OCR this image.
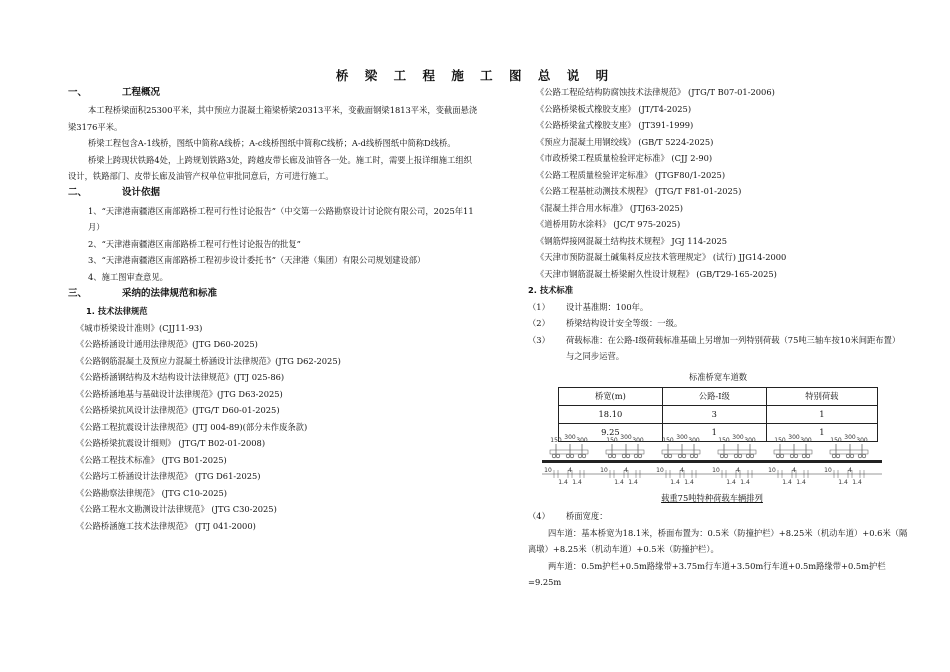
桥 梁 工 程 施 工 图 总 说 明
一、	工程概况
本工程桥梁面积25300平米，其中预应力混凝土箱梁桥梁20313平米，变截面钢梁1813平米，变截面悬浇梁3176平米。
桥梁工程包含A-1线桥，图纸中简称A线桥；A-c线桥图纸中简称C线桥；A-d线桥图纸中简称D线桥。
桥梁上跨现状铁路4处，上跨规划铁路3处，跨越皮带长廊及油管各一处。施工时，需要上报详细施工组织设计，铁路部门、皮带长廊及油管产权单位审批同意后，方可进行施工。
二、	设计依据
1、“天津港南疆港区南部路桥工程可行性讨论报告”（中交第一公路勘察设计讨论院有限公司，2025年11月）
2、“天津港南疆港区南部路桥工程可行性讨论报告的批复”
3、“天津港南疆港区南部路桥工程初步设计委托书”（天津港（集团）有限公司规划建设部）
4、施工图审查意见。
三、	采纳的法律规范和标准
1. 技术法律规范
《城市桥梁设计准则》(CJJ11-93)
《公路桥涵设计通用法律规范》(JTG D60-2025)
《公路钢筋混凝土及预应力混凝土桥涵设计法律规范》(JTG D62-2025)
《公路桥涵钢结构及木结构设计法律规范》(JTJ 025-86)
《公路桥涵地基与基础设计法律规范》(JTG D63-2025)
《公路桥梁抗风设计法律规范》(JTG/T D60-01-2025)
《公路工程抗震设计法律规范》(JTJ 004-89)(部分未作废条款)
《公路桥梁抗震设计细则》 (JTG/T B02-01-2008)
《公路工程技术标准》 (JTG B01-2025)
《公路圬工桥涵设计法律规范》 (JTG D61-2025)
《公路勘察法律规范》 (JTG C10-2025)
《公路工程水文勘测设计法律规范》 (JTG C30-2025)
《公路桥涵施工技术法律规范》 (JTJ 041-2000)
《公路工程砼结构防腐蚀技术法律规范》 (JTG/T B07-01-2006)
《公路桥梁板式橡胶支座》 (JT/T4-2025)
《公路桥梁盆式橡胶支座》 (JT391-1999)
《预应力混凝土用钢绞线》 (GB/T 5224-2025)
《市政桥梁工程质量检验评定标准》 (CJJ 2-90)
《公路工程质量检验评定标准》 (JTGF80/1-2025)
《公路工程基桩动测技术规程》 (JTG/T F81-01-2025)
《混凝土拌合用水标准》 (JTJ63-2025)
《道桥用防水涂料》 (JC/T 975-2025)
《钢筋焊接网混凝土结构技术规程》 JGJ 114-2025
《天津市预防混凝土碱集料反应技术管理规定》 (试行) JJG14-2000
《天津市钢筋混凝土桥梁耐久性设计规程》 (GB/T29-165-2025)
2. 技术标准
（1）	设计基准期：100年。
（2）	桥梁结构设计安全等级：一级。
（3）	荷载标准：在公路-I级荷载标准基础上另增加一列特别荷载（75吨三轴车按10米间距布置）与之同步运营。
标准桥宽车道数
桥宽(m)	公路-I级	特别荷载
18.10	3	1
9.25	1	1
150 300 300	150 300 300	150 300 300	150 300 300	150 300 300	150 300 300
10	4
1.4 1.4
10	4
1.4 1.4
10	4
1.4 1.4
10	4
1.4 1.4
10	4
1.4 1.4
10	4
1.4 1.4
载重75吨特种荷载车辆排列
（4）	桥面宽度：
四车道：基本桥宽为18.1米，桥面布置为：0.5米（防撞护栏）+8.25米（机动车道）+0.6米（隔离墩）+8.25米（机动车道）+0.5米（防撞护栏）。
两车道：0.5m护栏+0.5m路缘带+3.75m行车道+3.50m行车道+0.5m路缘带+0.5m护栏=9.25m
